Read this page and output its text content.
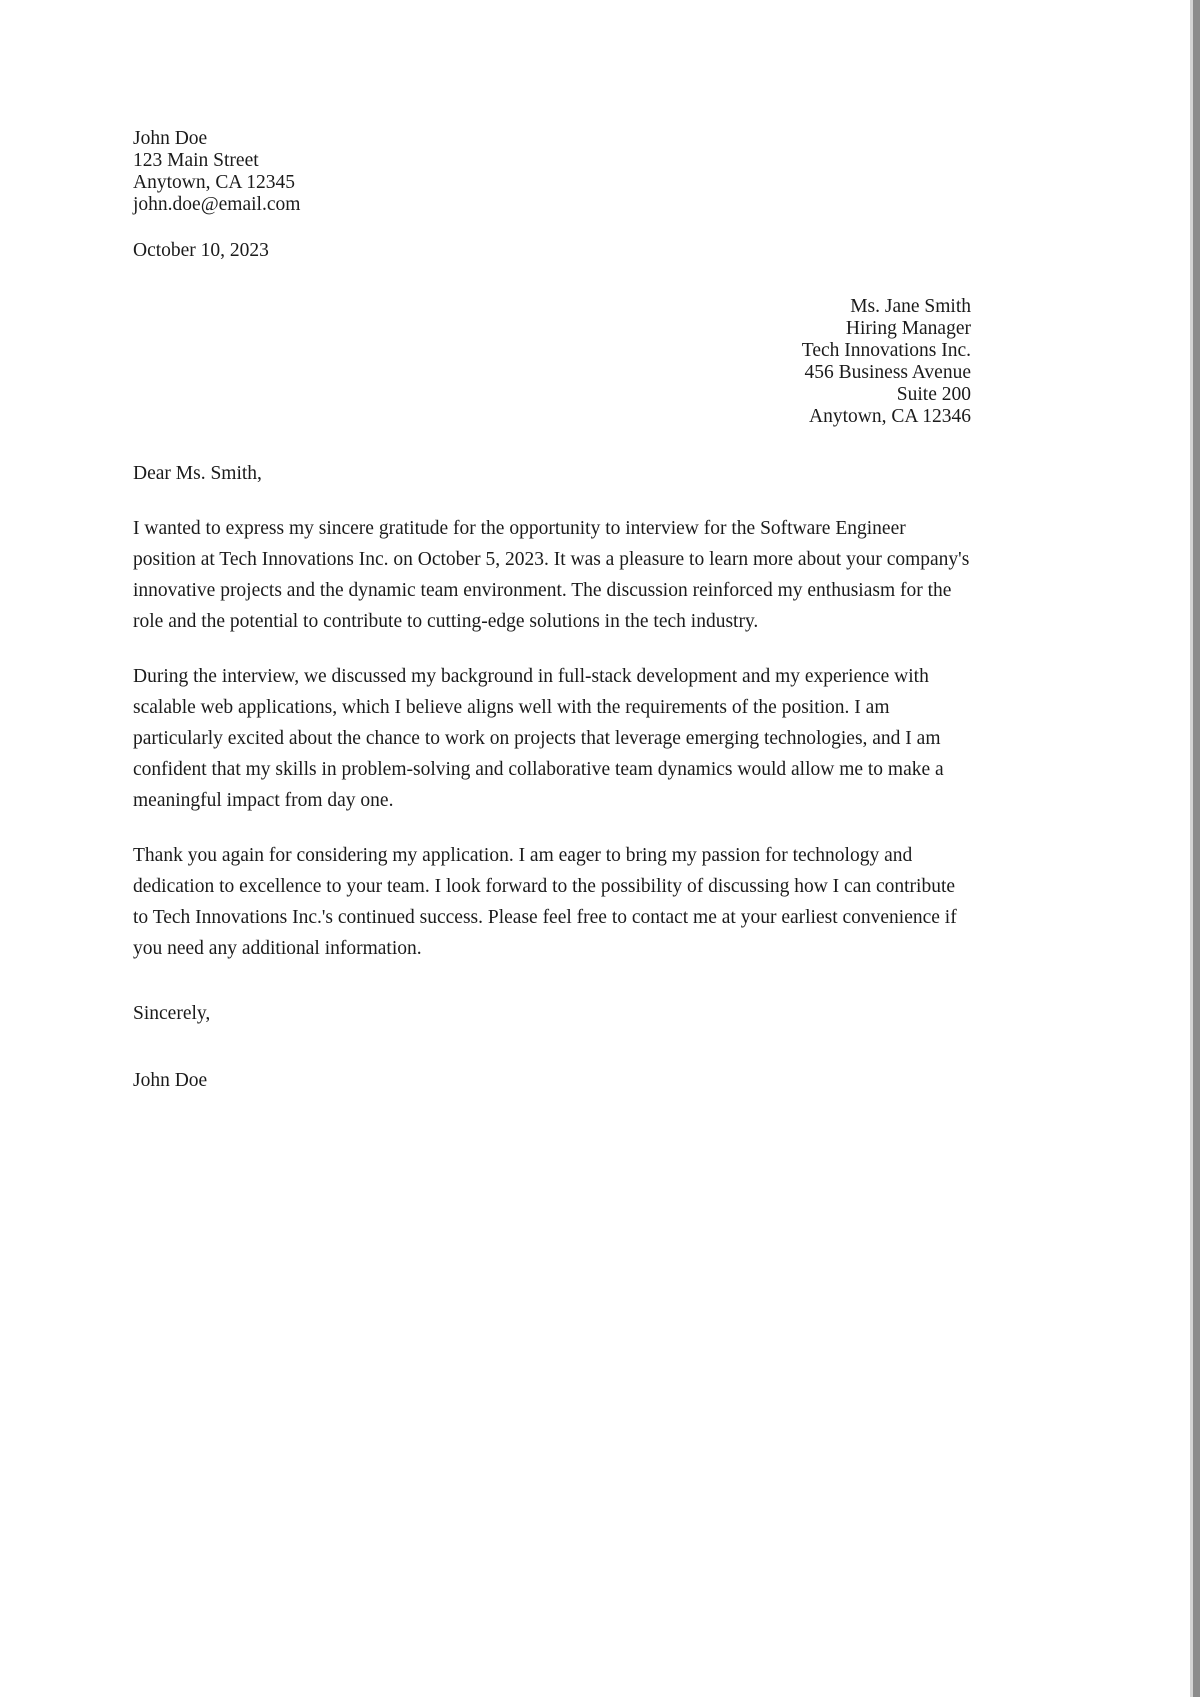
John Doe
123 Main Street
Anytown, CA 12345
john.doe@email.com
October 10, 2023
Ms. Jane Smith
Hiring Manager
Tech Innovations Inc.
456 Business Avenue
Suite 200
Anytown, CA 12346
Dear Ms. Smith,

I wanted to express my sincere gratitude for the opportunity to interview for the Software Engineer position at Tech Innovations Inc. on October 5, 2023. It was a pleasure to learn more about your company's innovative projects and the dynamic team environment. The discussion reinforced my enthusiasm for the role and the potential to contribute to cutting-edge solutions in the tech industry.

During the interview, we discussed my background in full-stack development and my experience with scalable web applications, which I believe aligns well with the requirements of the position. I am particularly excited about the chance to work on projects that leverage emerging technologies, and I am confident that my skills in problem-solving and collaborative team dynamics would allow me to make a meaningful impact from day one.

Thank you again for considering my application. I am eager to bring my passion for technology and dedication to excellence to your team. I look forward to the possibility of discussing how I can contribute to Tech Innovations Inc.'s continued success. Please feel free to contact me at your earliest convenience if you need any additional information.

Sincerely,
John Doe
